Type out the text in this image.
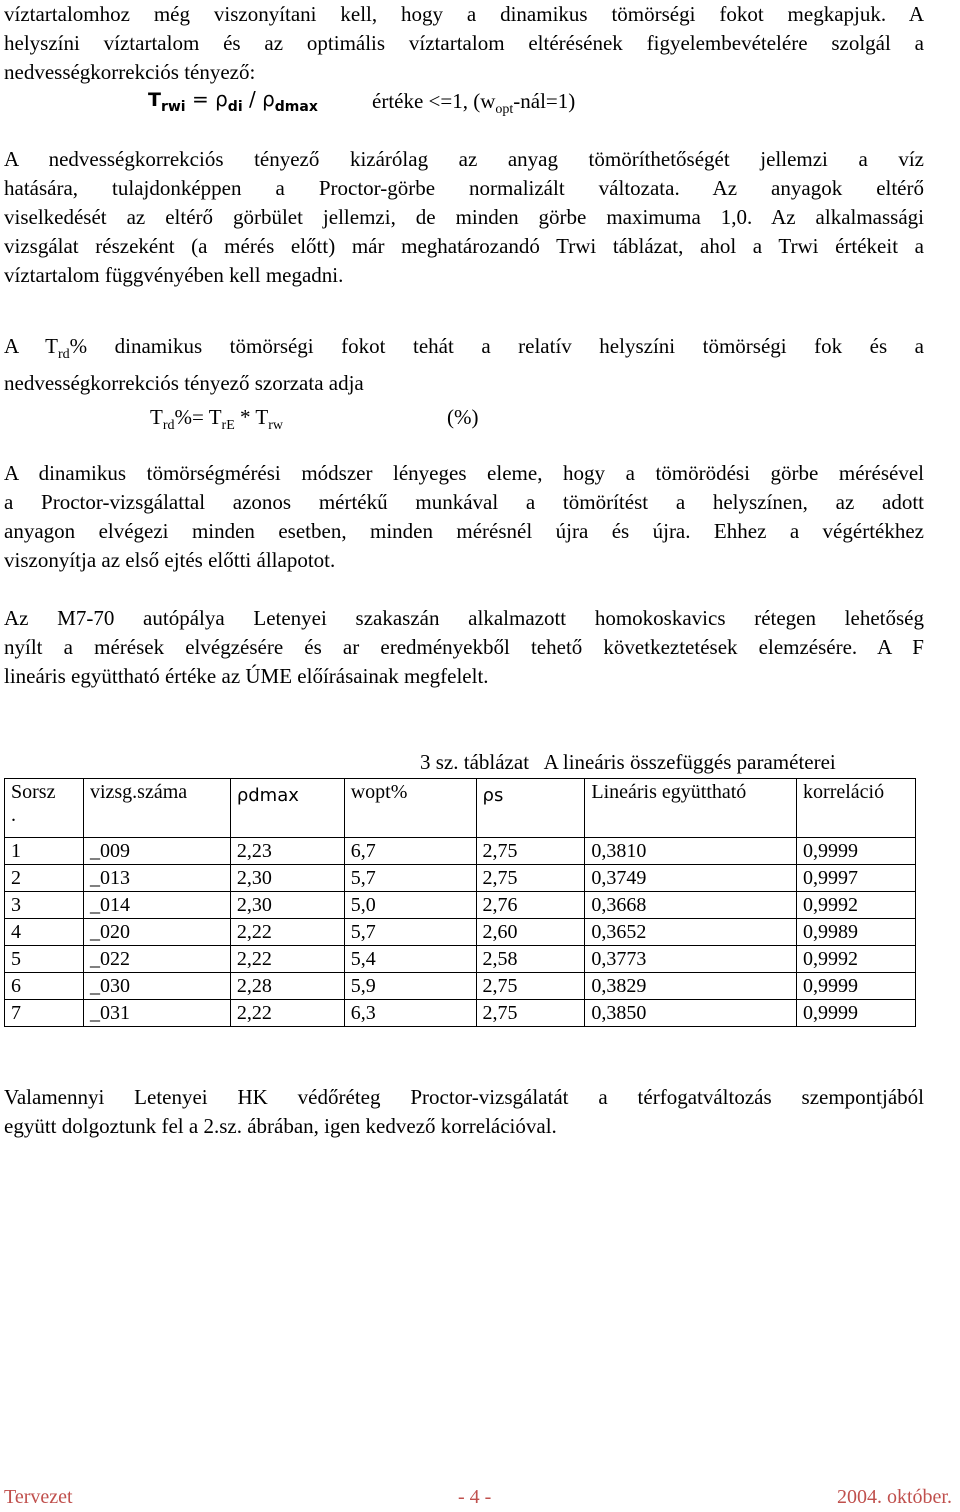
víztartalomhoz még viszonyítani kell, hogy a dinamikus tömörségi fokot megkapjuk. A
helyszíni víztartalom és az optimális víztartalom eltérésének figyelembevételére szolgál a
nedvességkorrekciós tényező:
$T_{rwi} = \rho_{di} / \rho_{dmax}$	értéke <=1, $(w_{opt}-nál=1)$
A nedvességkorrekciós tényező kizárólag az anyag tömöríthetőségét jellemzi a víz
hatására, tulajdonképpen a Proctor-görbe normalizált változata. Az anyagok eltérő
viselkedését az eltérő görbület jellemzi, de minden görbe maximuma 1,0. Az alkalmassági
vizsgálat részeként (a mérés előtt) már meghatározandó Trwi táblázat, ahol a Trwi értékeit a
víztartalom függvényében kell megadni.
A $T_{rd}\%$ dinamikus tömörségi fokot tehát a relatív helyszíni tömörségi fok és a
nedvességkorrekciós tényező szorzata adja
$T_{rd}\%= T_{rE} * T_{rw}$	(%)
A dinamikus tömörségmérési módszer lényeges eleme, hogy a tömörödési görbe mérésével
a Proctor-vizsgálattal azonos mértékű munkával a tömörítést a helyszínen, az adott
anyagon elvégezi minden esetben, minden mérésnél újra és újra. Ehhez a végértékhez
viszonyítja az első ejtés előtti állapotot.
Az M7-70 autópálya Letenyei szakaszán alkalmazott homokoskavics rétegen lehetőség
nyílt a mérések elvégzésére és ar eredményekből tehető következtetések elemzésére. A F
lineáris együttható értéke az ÚME előírásainak megfelelt.
3 sz. táblázat   A lineáris összefüggés paraméterei
Sorsz
.	vizsg.száma	ρdmax	wopt%	ρs	Lineáris együttható	korreláció
1	_009	2,23	6,7	2,75	0,3810	0,9999
2	_013	2,30	5,7	2,75	0,3749	0,9997
3	_014	2,30	5,0	2,76	0,3668	0,9992
4	_020	2,22	5,7	2,60	0,3652	0,9989
5	_022	2,22	5,4	2,58	0,3773	0,9992
6	_030	2,28	5,9	2,75	0,3829	0,9999
7	_031	2,22	6,3	2,75	0,3850	0,9999
Valamennyi Letenyei HK védőréteg Proctor-vizsgálatát a térfogatváltozás szempontjából
együtt dolgoztunk fel a 2.sz. ábrában, igen kedvező korrelációval.
Tervezet	- 4 -	2004. október.
